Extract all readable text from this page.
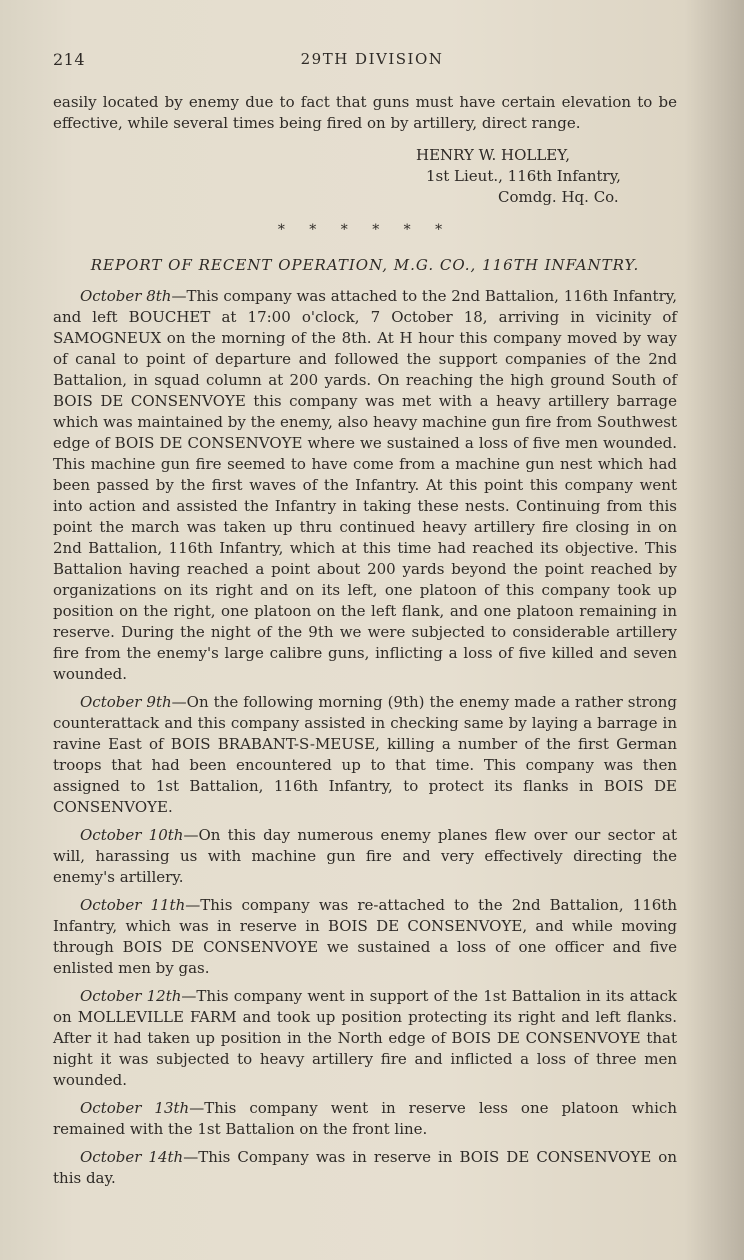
214	29TH DIVISION

easily located by enemy due to fact that guns must have certain elevation to be effective, while several times being fired on by artillery, direct range.

HENRY W. HOLLEY,
1st Lieut., 116th Infantry,
Comdg. Hq. Co.
* * * * * *
REPORT OF RECENT OPERATION, M.G. CO., 116TH INFANTRY.

October 8th—This company was attached to the 2nd Battalion, 116th Infantry, and left BOUCHET at 17:00 o'clock, 7 October 18, arriving in vicinity of SAMOGNEUX on the morning of the 8th. At H hour this company moved by way of canal to point of departure and followed the support companies of the 2nd Battalion, in squad column at 200 yards. On reaching the high ground South of BOIS DE CONSENVOYE this company was met with a heavy artillery barrage which was maintained by the enemy, also heavy machine gun fire from Southwest edge of BOIS DE CONSENVOYE where we sustained a loss of five men wounded. This machine gun fire seemed to have come from a machine gun nest which had been passed by the first waves of the Infantry. At this point this company went into action and assisted the Infantry in taking these nests. Continuing from this point the march was taken up thru continued heavy artillery fire closing in on 2nd Battalion, 116th Infantry, which at this time had reached its objective. This Battalion having reached a point about 200 yards beyond the point reached by organizations on its right and on its left, one platoon of this company took up position on the right, one platoon on the left flank, and one platoon remaining in reserve. During the night of the 9th we were subjected to considerable artillery fire from the enemy's large calibre guns, inflicting a loss of five killed and seven wounded.

October 9th—On the following morning (9th) the enemy made a rather strong counterattack and this company assisted in checking same by laying a barrage in ravine East of BOIS BRABANT-S-MEUSE, killing a number of the first German troops that had been encountered up to that time. This company was then assigned to 1st Battalion, 116th Infantry, to protect its flanks in BOIS DE CONSENVOYE.

October 10th—On this day numerous enemy planes flew over our sector at will, harassing us with machine gun fire and very effectively directing the enemy's artillery.

October 11th—This company was re-attached to the 2nd Battalion, 116th Infantry, which was in reserve in BOIS DE CONSENVOYE, and while moving through BOIS DE CONSENVOYE we sustained a loss of one officer and five enlisted men by gas.

October 12th—This company went in support of the 1st Battalion in its attack on MOLLEVILLE FARM and took up position protecting its right and left flanks. After it had taken up position in the North edge of BOIS DE CONSENVOYE that night it was subjected to heavy artillery fire and inflicted a loss of three men wounded.

October 13th—This company went in reserve less one platoon which remained with the 1st Battalion on the front line.

October 14th—This Company was in reserve in BOIS DE CONSENVOYE on this day.
